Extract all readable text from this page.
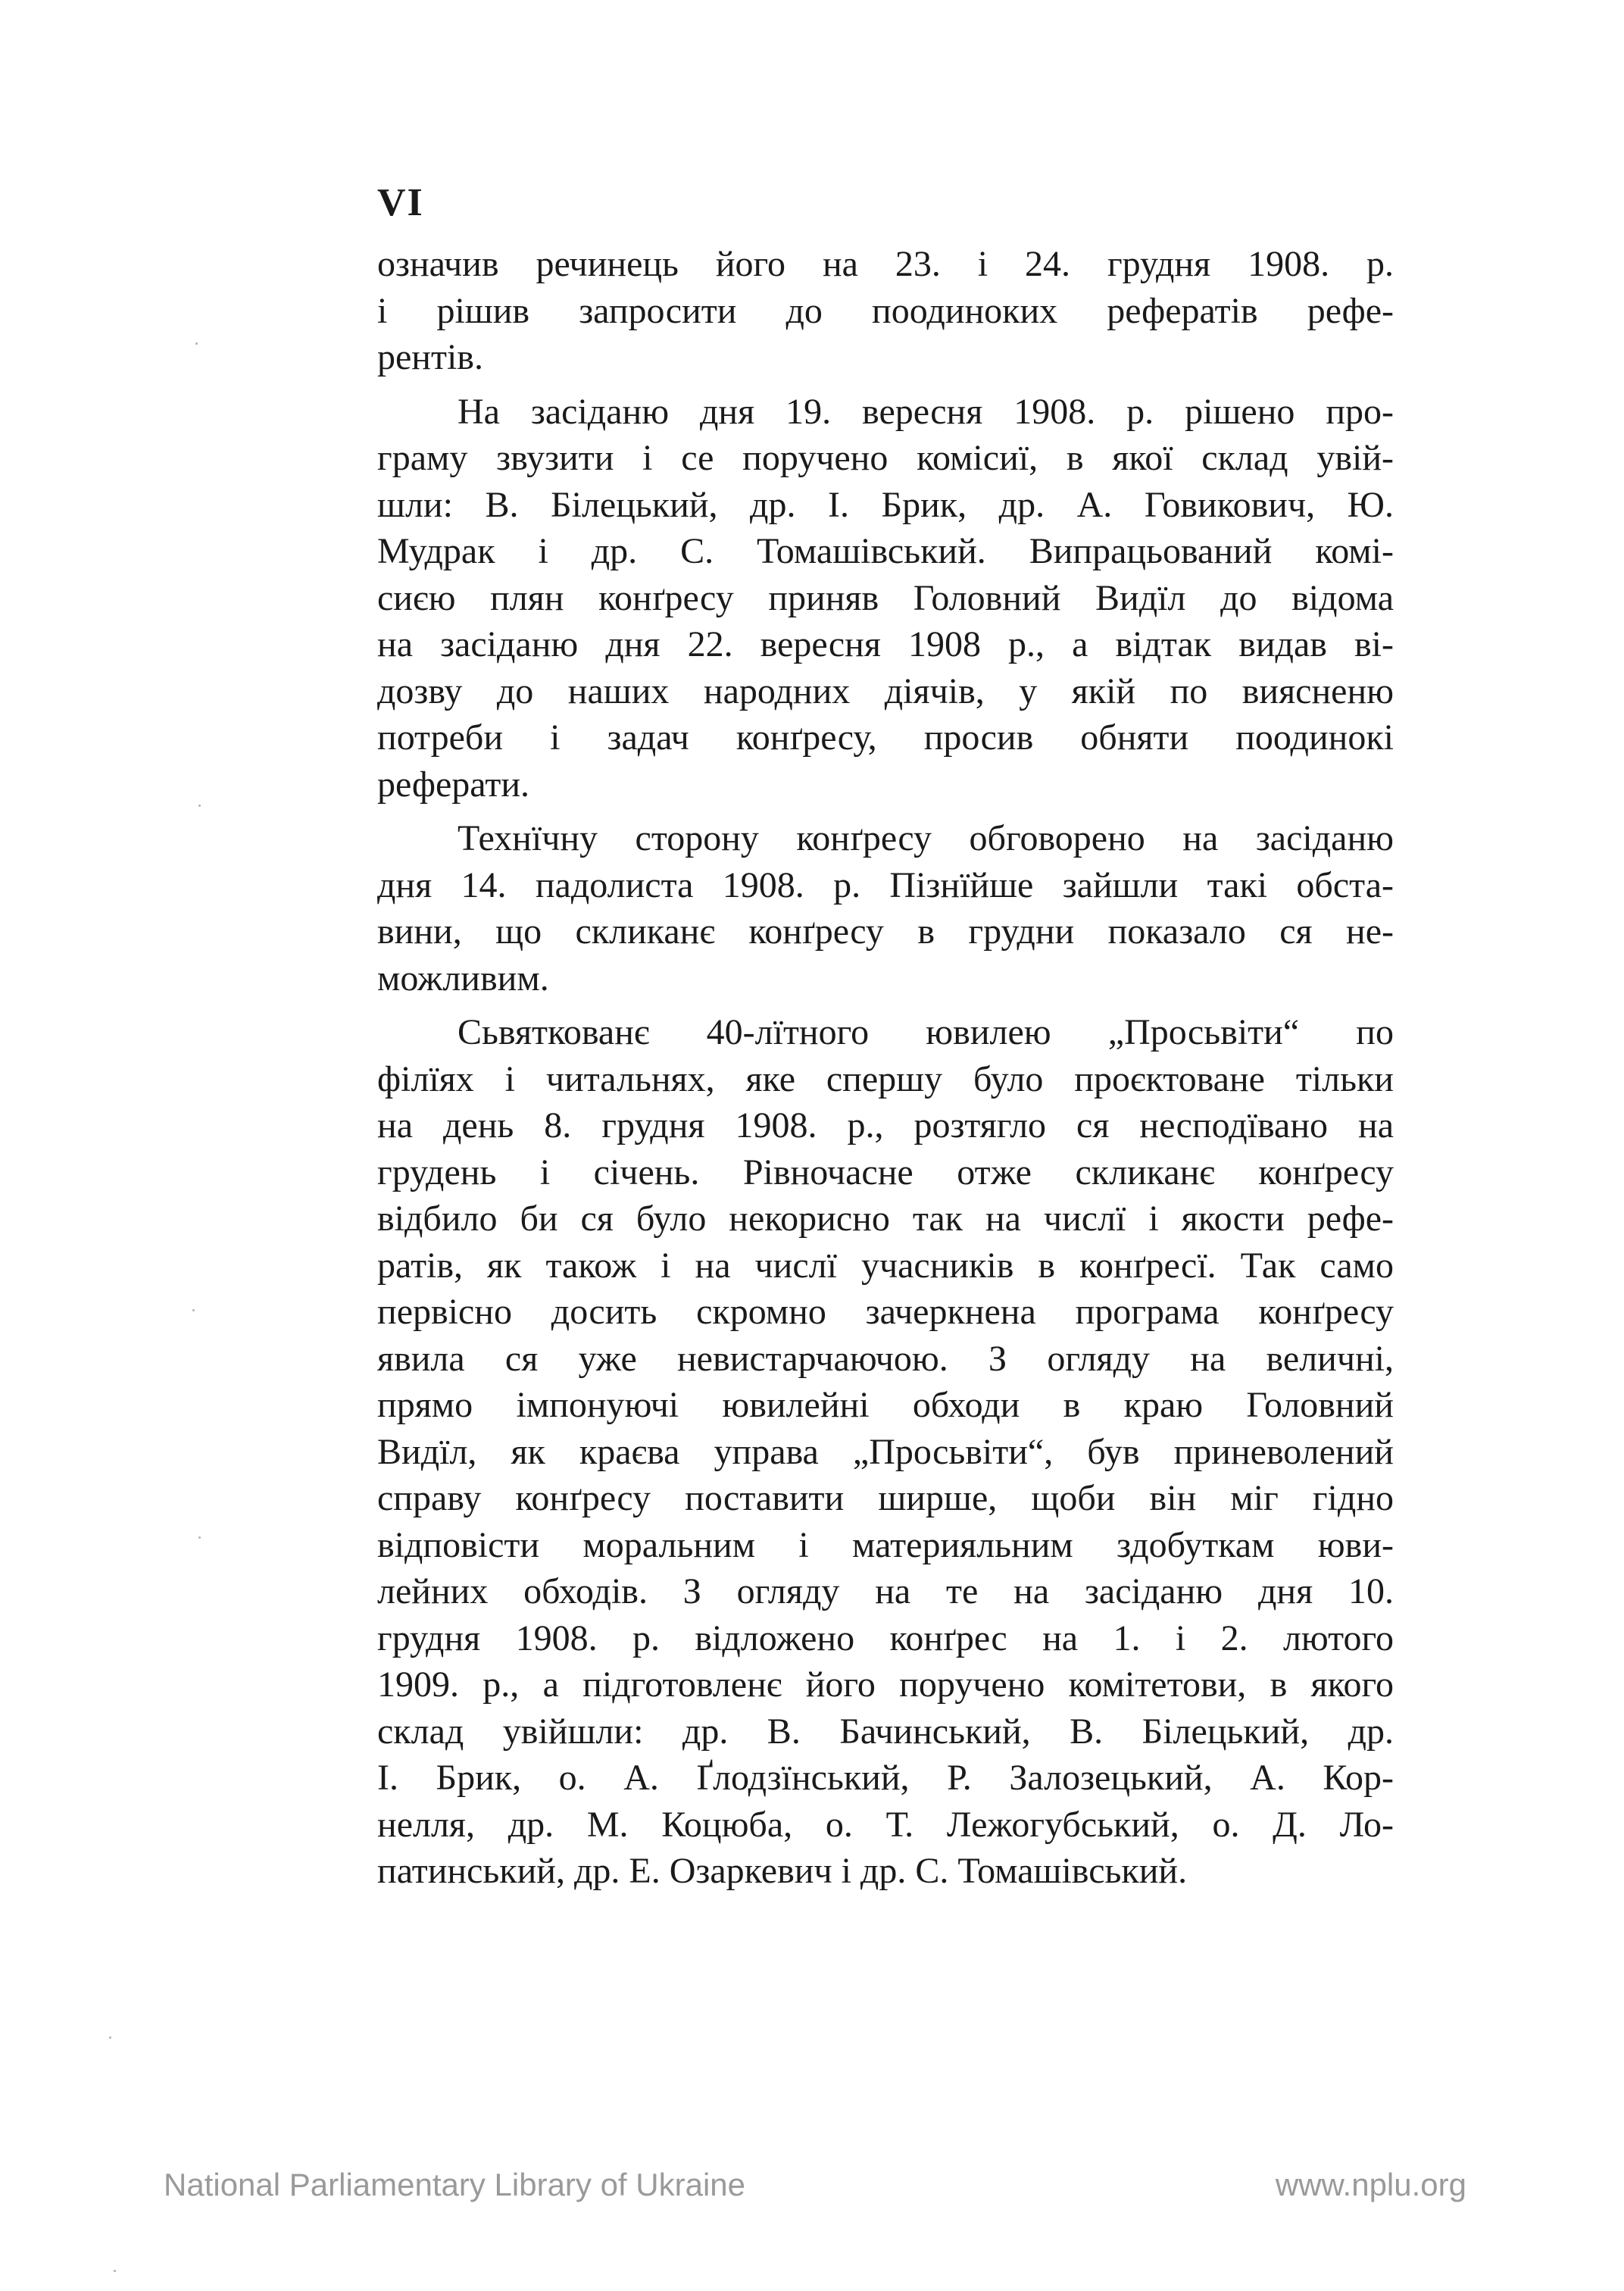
VI
означив речинець його на 23. і 24. грудня 1908. р.
і рішив запросити до поодиноких рефератів рефе-
рентів.
На засіданю дня 19. вересня 1908. р. рішено про-
граму звузити і се поручено комісиї, в якої склад увій-
шли: В. Білецький, др. І. Брик, др. А. Говикович, Ю.
Мудрак і др. С. Томашівський. Випрацьований комі-
сиєю плян конґресу приняв Головний Видїл до відома
на засіданю дня 22. вересня 1908 р., а відтак видав ві-
дозву до наших народних діячів, у якій по виясненю
потреби і задач конґресу, просив обняти поодинокі
реферати.
Технїчну сторону конґресу обговорено на засіданю
дня 14. падолиста 1908. р. Пізнїйше зайшли такі обста-
вини, що скликанє конґресу в грудни показало ся не-
можливим.
Сьвяткованє 40-лїтного ювилею „Просьвіти“ по
філїях і читальнях, яке спершу було проєктоване тільки
на день 8. грудня 1908. р., розтягло ся несподївано на
грудень і січень. Рівночасне отже скликанє конґресу
відбило би ся було некорисно так на числї і якости рефе-
ратів, як також і на числї учасників в конґресї. Так само
первісно досить скромно зачеркнена програма конґресу
явила ся уже невистарчаючою. З огляду на величні,
прямо імпонуючі ювилейні обходи в краю Головний
Видїл, як краєва управа „Просьвіти“, був приневолений
справу конґресу поставити ширше, щоби він міг гідно
відповісти моральним і материяльним здобуткам юви-
лейних обходів. З огляду на те на засіданю дня 10.
грудня 1908. р. відложено конґрес на 1. і 2. лютого
1909. р., а підготовленє його поручено комітетови, в якого
склад увійшли: др. В. Бачинський, В. Білецький, др.
І. Брик, о. А. Ґлодзїнський, Р. Залозецький, А. Кор-
нелля, др. М. Коцюба, о. Т. Лежогубський, о. Д. Ло-
патинський, др. Е. Озаркевич і др. С. Томашівський.
National Parliamentary Library of Ukraine	www.nplu.org
